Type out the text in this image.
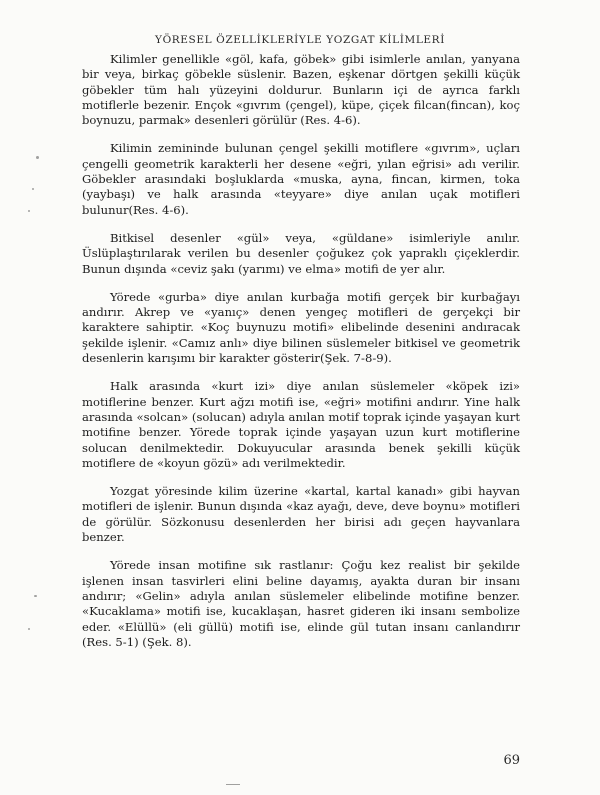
YÖRESEL ÖZELLİKLERİYLE YOZGAT KİLİMLERİ

Kilimler genellikle «göl, kafa, göbek» gibi isimlerle anılan, yanyana bir veya, birkaç göbekle süslenir. Bazen, eşkenar dörtgen şekilli küçük göbekler tüm halı yüzeyini doldurur. Bunların içi de ayrıca farklı motiflerle bezenir. Ençok «gıvrım (çengel), küpe, çiçek filcan(fincan), koç boynuzu, parmak» desenleri görülür (Res. 4-6).

Kilimin zemininde bulunan çengel şekilli motiflere «gıvrım», uçları çengelli geometrik karakterli her desene «eğri, yılan eğrisi» adı verilir. Göbekler arasındaki boşluklarda «muska, ayna, fincan, kirmen, toka (yaybaşı) ve halk arasında «teyyare» diye anılan uçak motifleri bulunur(Res. 4-6).

Bitkisel desenler «gül» veya, «güldane» isimleriyle anılır. Üslüplaştırılarak verilen bu desenler çoğukez çok yapraklı çiçeklerdir. Bunun dışında «ceviz şakı (yarımı) ve elma» motifi de yer alır.

Yörede «gurba» diye anılan kurbağa motifi gerçek bir kurbağayı andırır. Akrep ve «yanıç» denen yengeç motifleri de gerçekçi bir karaktere sahiptir. «Koç buynuzu motifi» elibelinde desenini andıracak şekilde işlenir. «Camız anlı» diye bilinen süslemeler bitkisel ve geometrik desenlerin karışımı bir karakter gösterir(Şek. 7-8-9).

Halk arasında «kurt izi» diye anılan süslemeler «köpek izi» motiflerine benzer. Kurt ağzı motifi ise, «eğri» motifini andırır. Yine halk arasında «solcan» (solucan) adıyla anılan motif toprak içinde yaşayan kurt motifine benzer. Yörede toprak içinde yaşayan uzun kurt motiflerine solucan denilmektedir. Dokuyucular arasında benek şekilli küçük motiflere de «koyun gözü» adı verilmektedir.

Yozgat yöresinde kilim üzerine «kartal, kartal kanadı» gibi hayvan motifleri de işlenir. Bunun dışında «kaz ayağı, deve, deve boynu» motifleri de görülür. Sözkonusu desenlerden her birisi adı geçen hayvanlara benzer.

Yörede insan motifine sık rastlanır: Çoğu kez realist bir şekilde işlenen insan tasvirleri elini beline dayamış, ayakta duran bir insanı andırır; «Gelin» adıyla anılan süslemeler elibelinde motifine benzer. «Kucaklama» motifi ise, kucaklaşan, hasret gideren iki insanı sembolize eder. «Elüllü» (eli güllü) motifi ise, elinde gül tutan insanı canlandırır (Res. 5-1) (Şek. 8).

69
